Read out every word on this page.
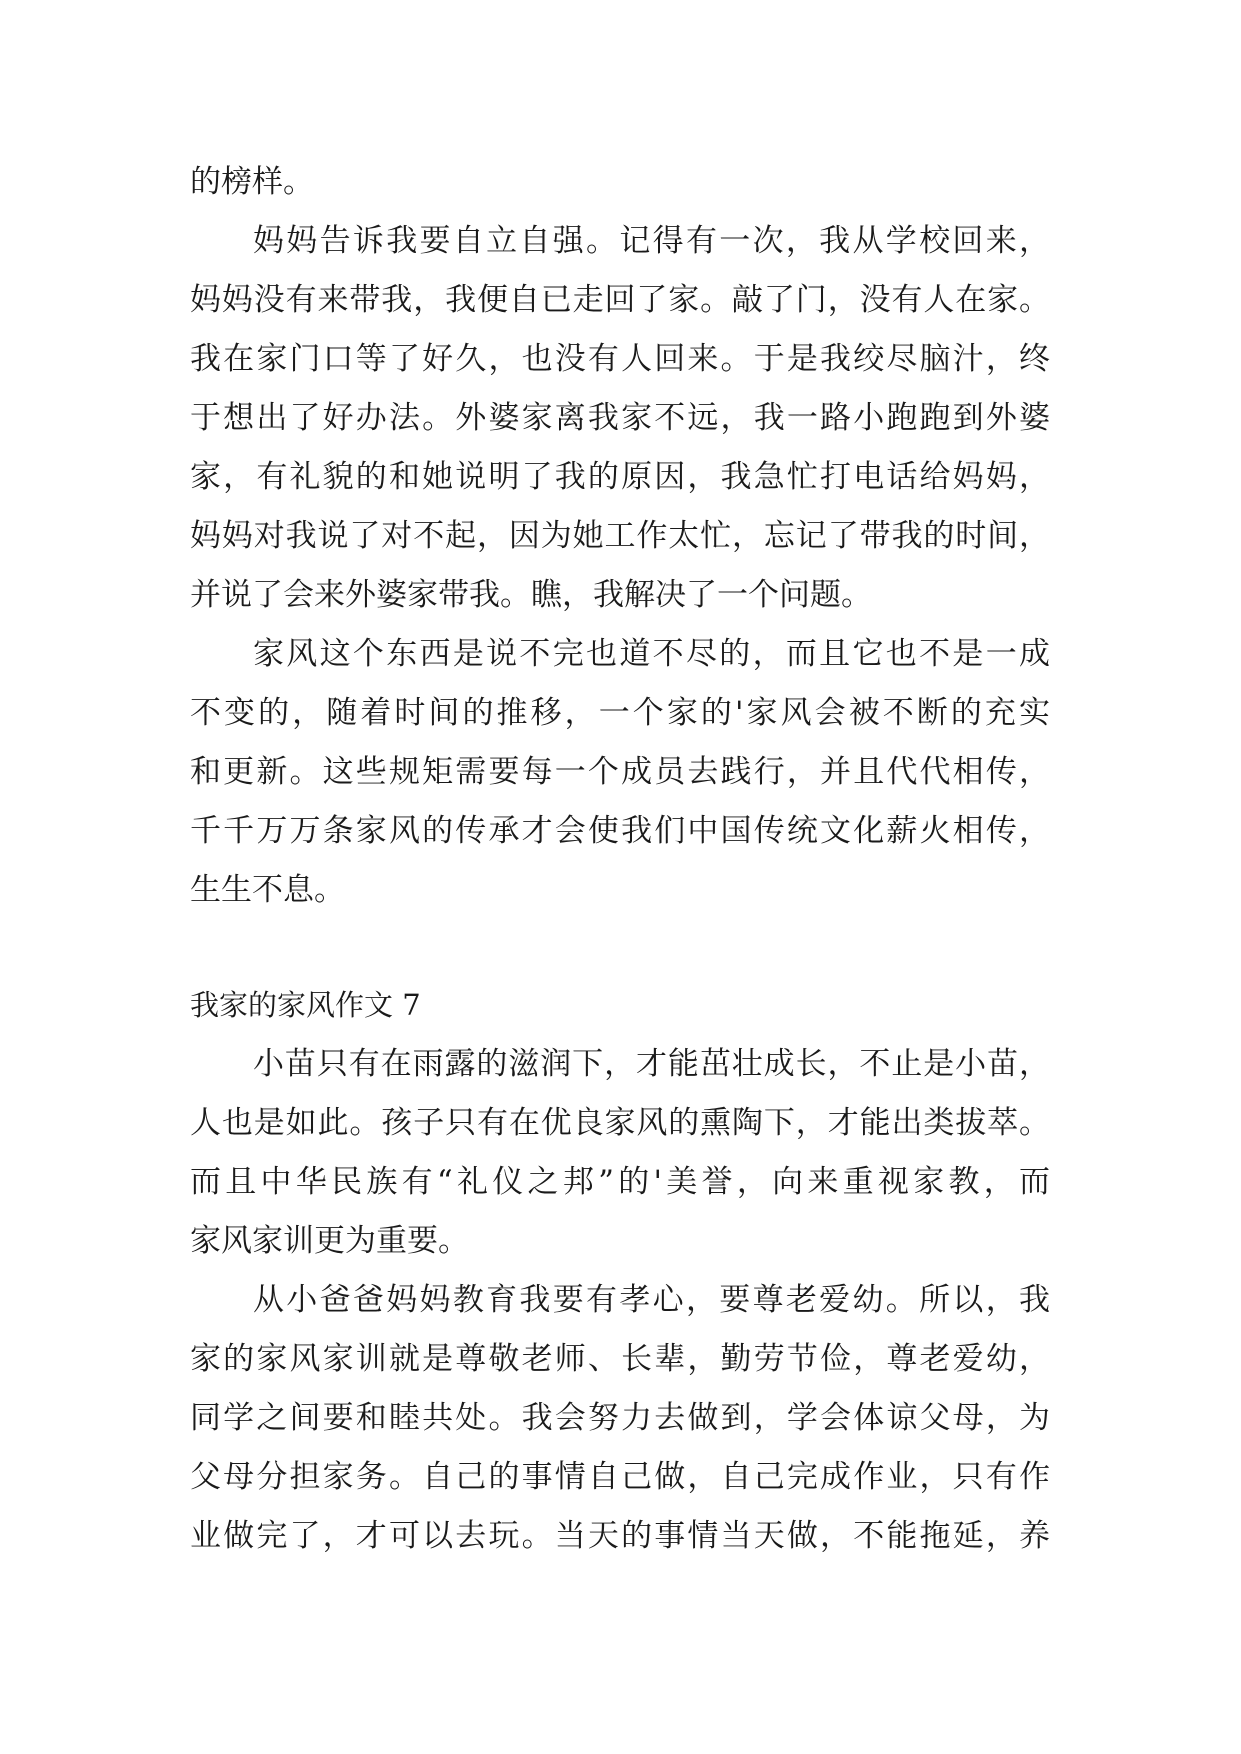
的榜样。
妈妈告诉我要自立自强。记得有一次，我从学校回来，
妈妈没有来带我，我便自已走回了家。敲了门，没有人在家。
我在家门口等了好久，也没有人回来。于是我绞尽脑汁，终
于想出了好办法。外婆家离我家不远，我一路小跑跑到外婆
家，有礼貌的和她说明了我的原因，我急忙打电话给妈妈，
妈妈对我说了对不起，因为她工作太忙，忘记了带我的时间，
并说了会来外婆家带我。瞧，我解决了一个问题。
家风这个东西是说不完也道不尽的，而且它也不是一成
不变的，随着时间的推移，一个家的'家风会被不断的充实
和更新。这些规矩需要每一个成员去践行，并且代代相传，
千千万万条家风的传承才会使我们中国传统文化薪火相传，
生生不息。
我家的家风作文 7
小苗只有在雨露的滋润下，才能茁壮成长，不止是小苗，
人也是如此。孩子只有在优良家风的熏陶下，才能出类拔萃。
而且中华民族有“礼仪之邦”的'美誉，向来重视家教，而
家风家训更为重要。
从小爸爸妈妈教育我要有孝心，要尊老爱幼。所以，我
家的家风家训就是尊敬老师、长辈，勤劳节俭，尊老爱幼，
同学之间要和睦共处。我会努力去做到，学会体谅父母，为
父母分担家务。自己的事情自己做，自己完成作业，只有作
业做完了，才可以去玩。当天的事情当天做，不能拖延，养
